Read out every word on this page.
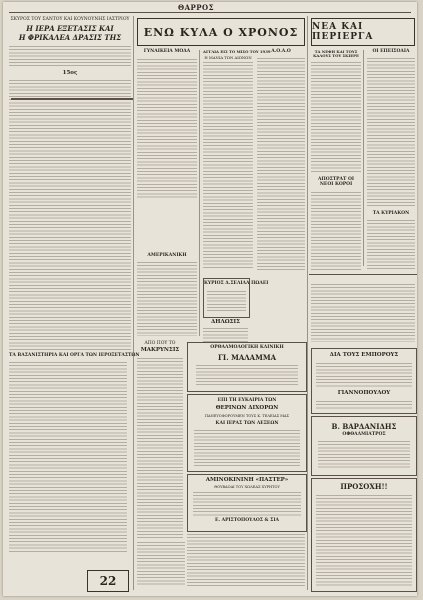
ΘΑΡΡΟΣ
ΣΚΥΡΟΣ ΤΟΥ ΣΑΝΤΟΥ ΚΑΙ ΚΟΥΝΟΥΝΗΣ ΙΑΣΤΡΙΟΥ
Η ΙΕΡΑ ΕΞΕΤΑΣΙΣ ΚΑΙ
Η ΦΡΙΚΑΛΕΑ ΔΡΑΣΙΣ ΤΗΣ
15ος
ΤΑ ΒΑΣΑΝΙΣΤΗΡΙΑ ΚΑΙ ΟΡΓΑ ΤΩΝ ΙΕΡΟΞΕΤΑΣΤΩΝ
ΕΝΩ ΚΥΛΑ Ο ΧΡΟΝΟΣ
ΓΥΝΑΙΚΕΙΑ ΜΟΔΑ
ΑΜΕΡΙΚΑΝΙΚΗ
ΑΓΓΛΙΑ ΕΙΣ ΤΟ ΜΙΣΟ ΤΟΥ 1939
Η ΜΑΝΙΑ ΤΩΝ ΑΙΩΝΩΝ
Α.Ο.Α.Ο
ΚΥΡΙΟΣ Δ.ΣΕΛΙΛΑ ΠΩΛΕΙ
ΔΗΛΩΣΙΣ
ΟΡΘΑΛΜΟΛΟΓΙΚΗ ΚΛΙΝΙΚΗ
ΓΙ. ΜΑΛΑΜΜΑ
ΑΠΟ ΠΟΥ ΤΟ
ΜΑΚΡΥΝΣΙΣ
ΕΠΙ ΤΗ ΕΥΚΑΙΡΙΑ ΤΩΝ
ΘΕΡΙΝΩΝ ΔΙΧΟΡΩΝ
ΠΑΝΕΥΟΦΟΡΟΥΜΕΝ ΤΟΥΣ Κ. ΤΕΛΕΙΑΣ ΜΑΣ
ΚΑΙ ΙΕΡΑΣ ΤΩΝ ΛΕΞΕΩΝ
ΑΜΙΝΟΚΙΝΙΝΗ «ΠΑΣΤΕΡ»
ΘΟΥΒΑΟΑΙ ΤΟΥ ΧΩΛΕΑΣ ΧΥΡΗΤΟΥ
Ε. ΑΡΙΣΤΟΠΟΥΛΟΣ & ΣΙΑ
22
ΝΕΑ ΚΑΙ ΠΕΡΙΕΡΓΑ
ΤΑ ΝΕΦΗ ΚΑΙ ΤΟΥΣ ΚΑΛΟΥΣ ΤΟΥ ΣΚΙΕΡΕ
ΑΠΟΣΤΡΑΤ ΟΙ ΝΕΟΙ ΚΟΡΟΙ
ΟΙ ΕΠΕΙΣΟΔΙΑ
ΤΑ ΚΥΡΙΑΚΟΝ
ΔΙΑ ΤΟΥΣ ΕΜΠΟΡΟΥΣ
ΓΙΑΝΝΟΠΟΥΛΟΥ
Β. ΒΑΡΔΑΝΙΔΗΣ
ΟΦΘΑΛΜΙΑΤΡΟΣ
ΠΡΟΣΟΧΗ!!
